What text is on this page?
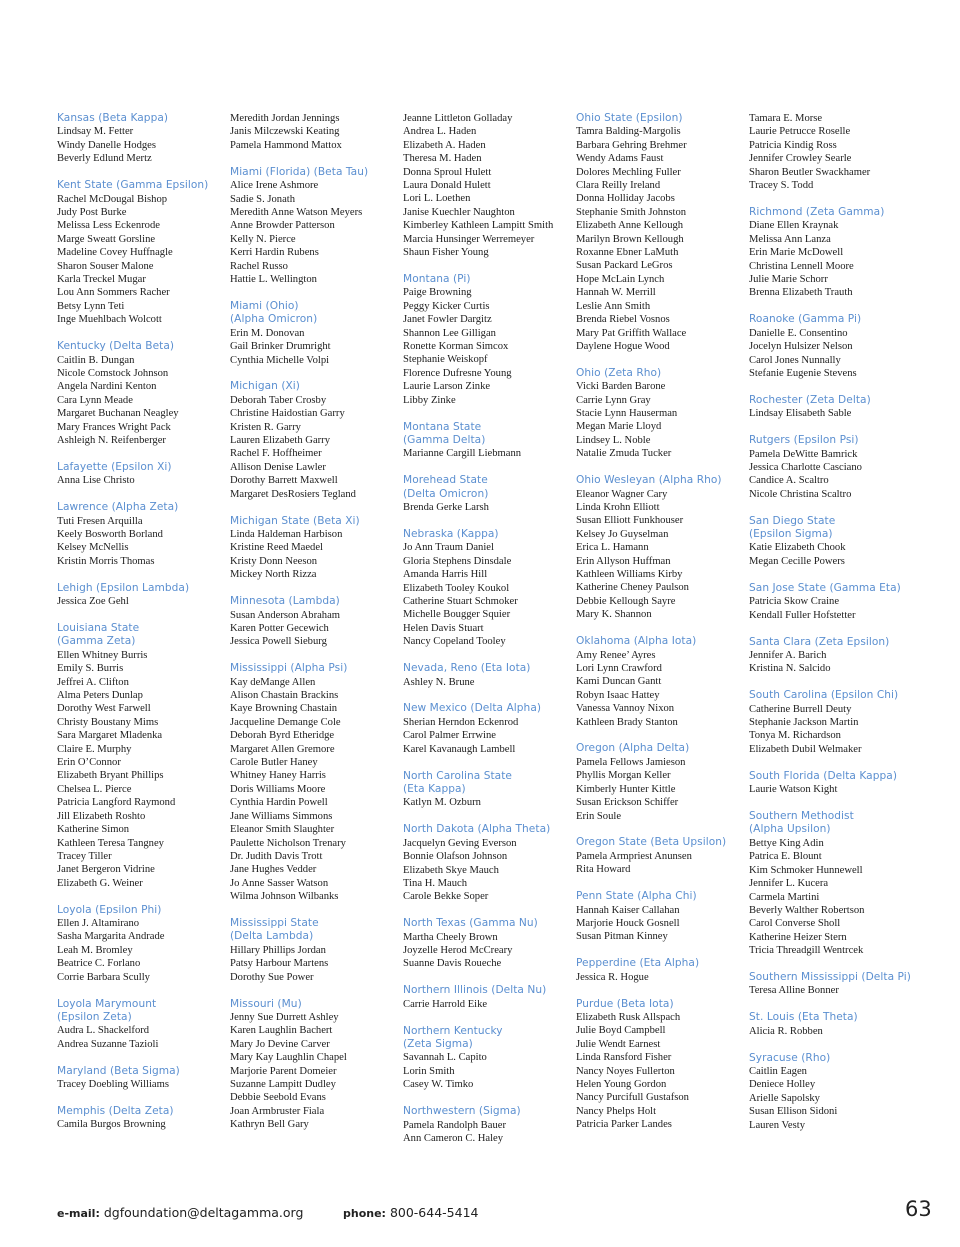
Kansas (Beta Kappa)
Lindsay M. Fetter
Windy Danelle Hodges
Beverly Edlund Mertz
Kent State (Gamma Epsilon)
Rachel McDougal Bishop
Judy Post Burke
Melissa Less Eckenrode
Marge Sweatt Gorsline
Madeline Covey Huffnagle
Sharon Souser Malone
Karla Treckel Mugar
Lou Ann Sommers Racher
Betsy Lynn Teti
Inge Muehlbach Wolcott
Kentucky (Delta Beta)
Caitlin B. Dungan
Nicole Comstock Johnson
Angela Nardini Kenton
Cara Lynn Meade
Margaret Buchanan Neagley
Mary Frances Wright Pack
Ashleigh N. Reifenberger
Lafayette (Epsilon Xi)
Anna Lise Christo
Lawrence (Alpha Zeta)
Tuti Fresen Arquilla
Keely Bosworth Borland
Kelsey McNellis
Kristin Morris Thomas
Lehigh (Epsilon Lambda)
Jessica Zoe Gehl
Louisiana State
(Gamma Zeta)
Ellen Whitney Burris
Emily S. Burris
Jeffrei A. Clifton
Alma Peters Dunlap
Dorothy West Farwell
Christy Boustany Mims
Sara Margaret Mladenka
Claire E. Murphy
Erin O’Connor
Elizabeth Bryant Phillips
Chelsea L. Pierce
Patricia Langford Raymond
Jill Elizabeth Roshto
Katherine Simon
Kathleen Teresa Tangney
Tracey Tiller
Janet Bergeron Vidrine
Elizabeth G. Weiner
Loyola (Epsilon Phi)
Ellen J. Altamirano
Sasha Margarita Andrade
Leah M. Bromley
Beatrice C. Forlano
Corrie Barbara Scully
Loyola Marymount
(Epsilon Zeta)
Audra L. Shackelford
Andrea Suzanne Tazioli
Maryland (Beta Sigma)
Tracey Doebling Williams
Memphis (Delta Zeta)
Camila Burgos Browning
Meredith Jordan Jennings
Janis Milczewski Keating
Pamela Hammond Mattox
Miami (Florida) (Beta Tau)
Alice Irene Ashmore
Sadie S. Jonath
Meredith Anne Watson Meyers
Anne Browder Patterson
Kelly N. Pierce
Kerri Hardin Rubens
Rachel Russo
Hattie L. Wellington
Miami (Ohio)
(Alpha Omicron)
Erin M. Donovan
Gail Brinker Drumright
Cynthia Michelle Volpi
Michigan (Xi)
Deborah Taber Crosby
Christine Haidostian Garry
Kristen R. Garry
Lauren Elizabeth Garry
Rachel F. Hoffheimer
Allison Denise Lawler
Dorothy Barrett Maxwell
Margaret DesRosiers Tegland
Michigan State (Beta Xi)
Linda Haldeman Harbison
Kristine Reed Maedel
Kristy Donn Neeson
Mickey North Rizza
Minnesota (Lambda)
Susan Anderson Abraham
Karen Potter Gecewich
Jessica Powell Sieburg
Mississippi (Alpha Psi)
Kay deMange Allen
Alison Chastain Brackins
Kaye Browning Chastain
Jacqueline Demange Cole
Deborah Byrd Etheridge
Margaret Allen Gremore
Carole Butler Haney
Whitney Haney Harris
Doris Williams Moore
Cynthia Hardin Powell
Jane Williams Simmons
Eleanor Smith Slaughter
Paulette Nicholson Trenary
Dr. Judith Davis Trott
Jane Hughes Vedder
Jo Anne Sasser Watson
Wilma Johnson Wilbanks
Mississippi State
(Delta Lambda)
Hillary Phillips Jordan
Patsy Harbour Martens
Dorothy Sue Power
Missouri (Mu)
Jenny Sue Durrett Ashley
Karen Laughlin Bachert
Mary Jo Devine Carver
Mary Kay Laughlin Chapel
Marjorie Parent Domeier
Suzanne Lampitt Dudley
Debbie Seebold Evans
Joan Armbruster Fiala
Kathryn Bell Gary
Jeanne Littleton Golladay
Andrea L. Haden
Elizabeth A. Haden
Theresa M. Haden
Donna Sproul Hulett
Laura Donald Hulett
Lori L. Loethen
Janise Kuechler Naughton
Kimberley Kathleen Lampitt Smith
Marcia Hunsinger Werremeyer
Shaun Fisher Young
Montana (Pi)
Paige Browning
Peggy Kicker Curtis
Janet Fowler Dargitz
Shannon Lee Gilligan
Ronette Korman Simcox
Stephanie Weiskopf
Florence Dufresne Young
Laurie Larson Zinke
Libby Zinke
Montana State
(Gamma Delta)
Marianne Cargill Liebmann
Morehead State
(Delta Omicron)
Brenda Gerke Larsh
Nebraska (Kappa)
Jo Ann Traum Daniel
Gloria Stephens Dinsdale
Amanda Harris Hill
Elizabeth Tooley Koukol
Catherine Stuart Schmoker
Michelle Bougger Squier
Helen Davis Stuart
Nancy Copeland Tooley
Nevada, Reno (Eta Iota)
Ashley N. Brune
New Mexico (Delta Alpha)
Sherian Herndon Eckenrod
Carol Palmer Errwine
Karel Kavanaugh Lambell
North Carolina State
(Eta Kappa)
Katlyn M. Ozburn
North Dakota (Alpha Theta)
Jacquelyn Geving Everson
Bonnie Olafson Johnson
Elizabeth Skye Mauch
Tina H. Mauch
Carole Bekke Soper
North Texas (Gamma Nu)
Martha Cheely Brown
Joyzelle Herod McCreary
Suanne Davis Roueche
Northern Illinois (Delta Nu)
Carrie Harrold Eike
Northern Kentucky
(Zeta Sigma)
Savannah L. Capito
Lorin Smith
Casey W. Timko
Northwestern (Sigma)
Pamela Randolph Bauer
Ann Cameron C. Haley
Ohio State (Epsilon)
Tamra Balding-Margolis
Barbara Gehring Brehmer
Wendy Adams Faust
Dolores Mechling Fuller
Clara Reilly Ireland
Donna Holliday Jacobs
Stephanie Smith Johnston
Elizabeth Anne Kellough
Marilyn Brown Kellough
Roxanne Ebner LaMuth
Susan Packard LeGros
Hope McLain Lynch
Hannah W. Merrill
Leslie Ann Smith
Brenda Riebel Vosnos
Mary Pat Griffith Wallace
Daylene Hogue Wood
Ohio (Zeta Rho)
Vicki Barden Barone
Carrie Lynn Gray
Stacie Lynn Hauserman
Megan Marie Lloyd
Lindsey L. Noble
Natalie Zmuda Tucker
Ohio Wesleyan (Alpha Rho)
Eleanor Wagner Cary
Linda Krohn Elliott
Susan Elliott Funkhouser
Kelsey Jo Guyselman
Erica L. Hamann
Erin Allyson Huffman
Kathleen Williams Kirby
Katherine Cheney Paulson
Debbie Kellough Sayre
Mary K. Shannon
Oklahoma (Alpha Iota)
Amy Renee’ Ayres
Lori Lynn Crawford
Kami Duncan Gantt
Robyn Isaac Hattey
Vanessa Vannoy Nixon
Kathleen Brady Stanton
Oregon (Alpha Delta)
Pamela Fellows Jamieson
Phyllis Morgan Keller
Kimberly Hunter Kittle
Susan Erickson Schiffer
Erin Soule
Oregon State (Beta Upsilon)
Pamela Armpriest Anunsen
Rita Howard
Penn State (Alpha Chi)
Hannah Kaiser Callahan
Marjorie Houck Gosnell
Susan Pitman Kinney
Pepperdine (Eta Alpha)
Jessica R. Hogue
Purdue (Beta Iota)
Elizabeth Rusk Allspach
Julie Boyd Campbell
Julie Wendt Earnest
Linda Ransford Fisher
Nancy Noyes Fullerton
Helen Young Gordon
Nancy Purcifull Gustafson
Nancy Phelps Holt
Patricia Parker Landes
Tamara E. Morse
Laurie Petrucce Roselle
Patricia Kindig Ross
Jennifer Crowley Searle
Sharon Beutler Swackhamer
Tracey S. Todd
Richmond (Zeta Gamma)
Diane Ellen Kraynak
Melissa Ann Lanza
Erin Marie McDowell
Christina Lennell Moore
Julie Marie Schorr
Brenna Elizabeth Trauth
Roanoke (Gamma Pi)
Danielle E. Consentino
Jocelyn Hulsizer Nelson
Carol Jones Nunnally
Stefanie Eugenie Stevens
Rochester (Zeta Delta)
Lindsay Elisabeth Sable
Rutgers (Epsilon Psi)
Pamela DeWitte Bamrick
Jessica Charlotte Casciano
Candice A. Scaltro
Nicole Christina Scaltro
San Diego State
(Epsilon Sigma)
Katie Elizabeth Chook
Megan Cecille Powers
San Jose State (Gamma Eta)
Patricia Skow Craine
Kendall Fuller Hofstetter
Santa Clara (Zeta Epsilon)
Jennifer A. Barich
Kristina N. Salcido
South Carolina (Epsilon Chi)
Catherine Burrell Deuty
Stephanie Jackson Martin
Tonya M. Richardson
Elizabeth Dubil Welmaker
South Florida (Delta Kappa)
Laurie Watson Kight
Southern Methodist
(Alpha Upsilon)
Bettye King Adin
Patrica E. Blount
Kim Schmoker Hunnewell
Jennifer L. Kucera
Carmela Martini
Beverly Walther Robertson
Carol Converse Sholl
Katherine Heizer Stern
Tricia Threadgill Wentrcek
Southern Mississippi (Delta Pi)
Teresa Alline Bonner
St. Louis (Eta Theta)
Alicia R. Robben
Syracuse (Rho)
Caitlin Eagen
Deniece Holley
Arielle Sapolsky
Susan Ellison Sidoni
Lauren Vesty
e-mail: dgfoundation@deltagamma.org	phone: 800-644-5414	63
